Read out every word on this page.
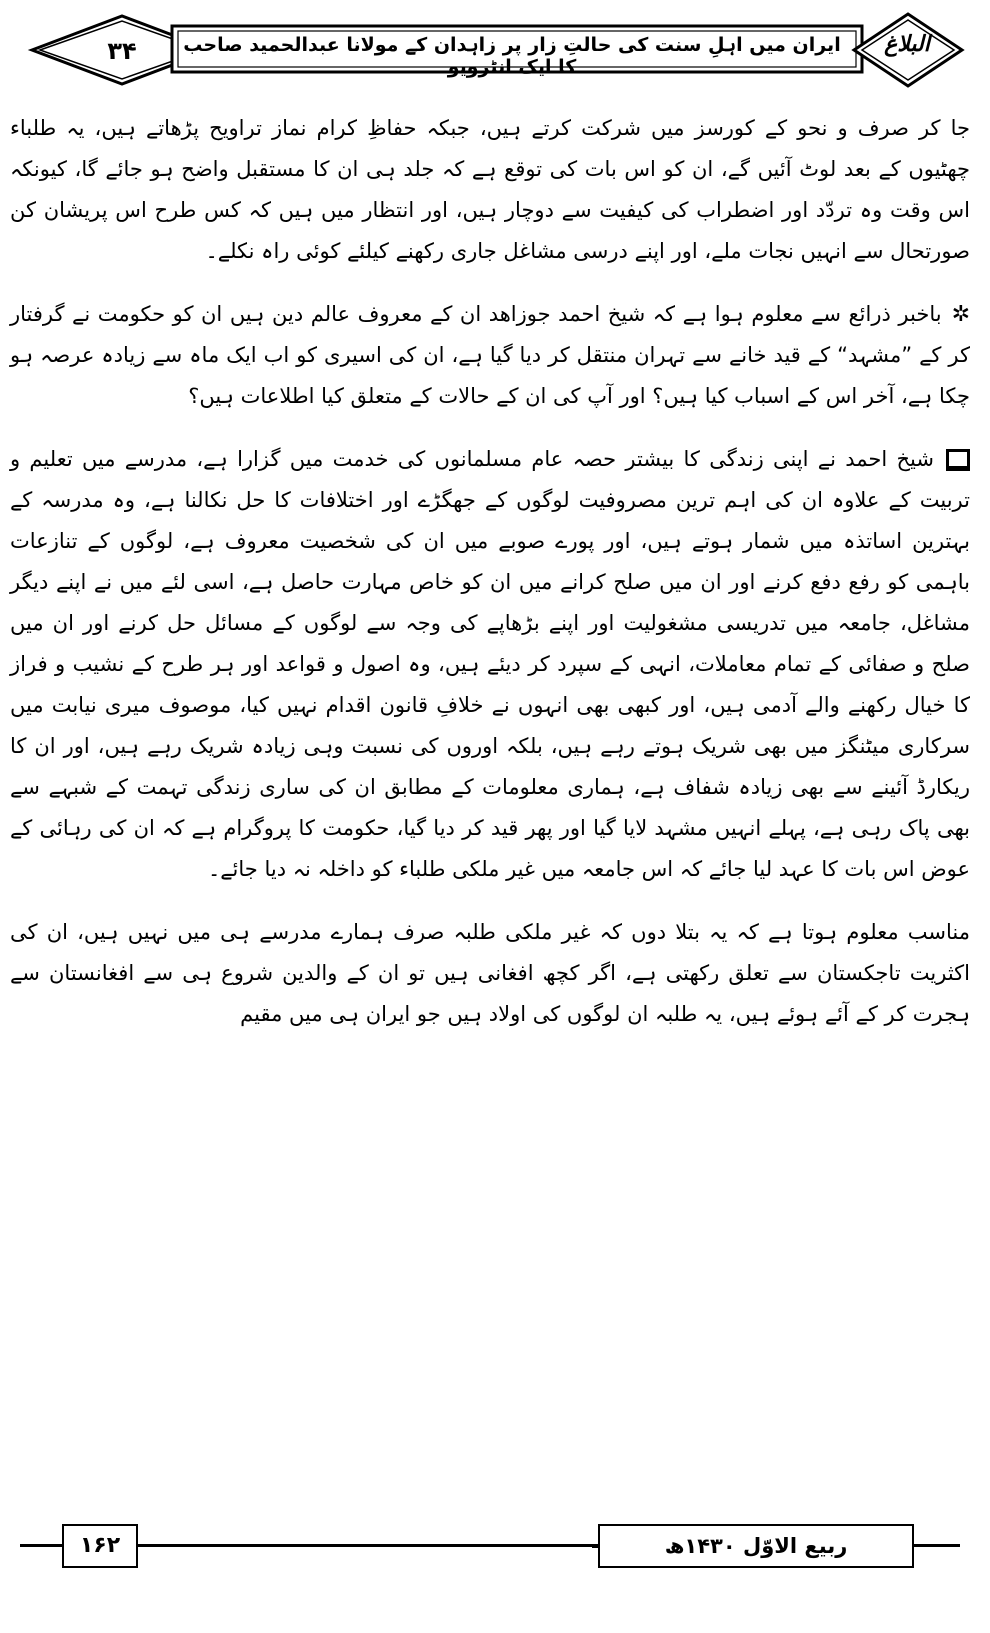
۳۴	ایران میں اہلِ سنت کی حالتِ زار پر زاہدان کے مولانا عبدالحمید صاحب کا ایک انٹرویو
البلاغ

جا کر صرف و نحو کے کورسز میں شرکت کرتے ہیں، جبکہ حفاظِ کرام نماز تراویح پڑھاتے ہیں، یہ طلباء چھٹیوں کے بعد لوٹ آئیں گے، ان کو اس بات کی توقع ہے کہ جلد ہی ان کا مستقبل واضح ہو جائے گا، کیونکہ اس وقت وہ تردّد اور اضطراب کی کیفیت سے دوچار ہیں، اور انتظار میں ہیں کہ کس طرح اس پریشان کن صورتحال سے انہیں نجات ملے، اور اپنے درسی مشاغل جاری رکھنے کیلئے کوئی راہ نکلے۔

✲باخبر ذرائع سے معلوم ہوا ہے کہ شیخ احمد جوزاھد ان کے معروف عالم دین ہیں ان کو حکومت نے گرفتار کر کے ”مشہد“ کے قید خانے سے تہران منتقل کر دیا گیا ہے، ان کی اسیری کو اب ایک ماہ سے زیادہ عرصہ ہو چکا ہے، آخر اس کے اسباب کیا ہیں؟ اور آپ کی ان کے حالات کے متعلق کیا اطلاعات ہیں؟

شیخ احمد نے اپنی زندگی کا بیشتر حصہ عام مسلمانوں کی خدمت میں گزارا ہے، مدرسے میں تعلیم و تربیت کے علاوہ ان کی اہم ترین مصروفیت لوگوں کے جھگڑے اور اختلافات کا حل نکالنا ہے، وہ مدرسہ کے بہترین اساتذہ میں شمار ہوتے ہیں، اور پورے صوبے میں ان کی شخصیت معروف ہے، لوگوں کے تنازعات باہمی کو رفع دفع کرنے اور ان میں صلح کرانے میں ان کو خاص مہارت حاصل ہے، اسی لئے میں نے اپنے دیگر مشاغل، جامعہ میں تدریسی مشغولیت اور اپنے بڑھاپے کی وجہ سے لوگوں کے مسائل حل کرنے اور ان میں صلح و صفائی کے تمام معاملات، انہی کے سپرد کر دیئے ہیں، وہ اصول و قواعد اور ہر طرح کے نشیب و فراز کا خیال رکھنے والے آدمی ہیں، اور کبھی بھی انہوں نے خلافِ قانون اقدام نہیں کیا، موصوف میری نیابت میں سرکاری میٹنگز میں بھی شریک ہوتے رہے ہیں، بلکہ اوروں کی نسبت وہی زیادہ شریک رہے ہیں، اور ان کا ریکارڈ آئینے سے بھی زیادہ شفاف ہے، ہماری معلومات کے مطابق ان کی ساری زندگی تہمت کے شبہے سے بھی پاک رہی ہے، پہلے انہیں مشہد لایا گیا اور پھر قید کر دیا گیا، حکومت کا پروگرام ہے کہ ان کی رہائی کے عوض اس بات کا عہد لیا جائے کہ اس جامعہ میں غیر ملکی طلباء کو داخلہ نہ دیا جائے۔

مناسب معلوم ہوتا ہے کہ یہ بتلا دوں کہ غیر ملکی طلبہ صرف ہمارے مدرسے ہی میں نہیں ہیں، ان کی اکثریت تاجکستان سے تعلق رکھتی ہے، اگر کچھ افغانی ہیں تو ان کے والدین شروع ہی سے افغانستان سے ہجرت کر کے آئے ہوئے ہیں، یہ طلبہ ان لوگوں کی اولاد ہیں جو ایران ہی میں مقیم

۱۶۲	ربیع الاوّل ۱۴۳۰ھ
